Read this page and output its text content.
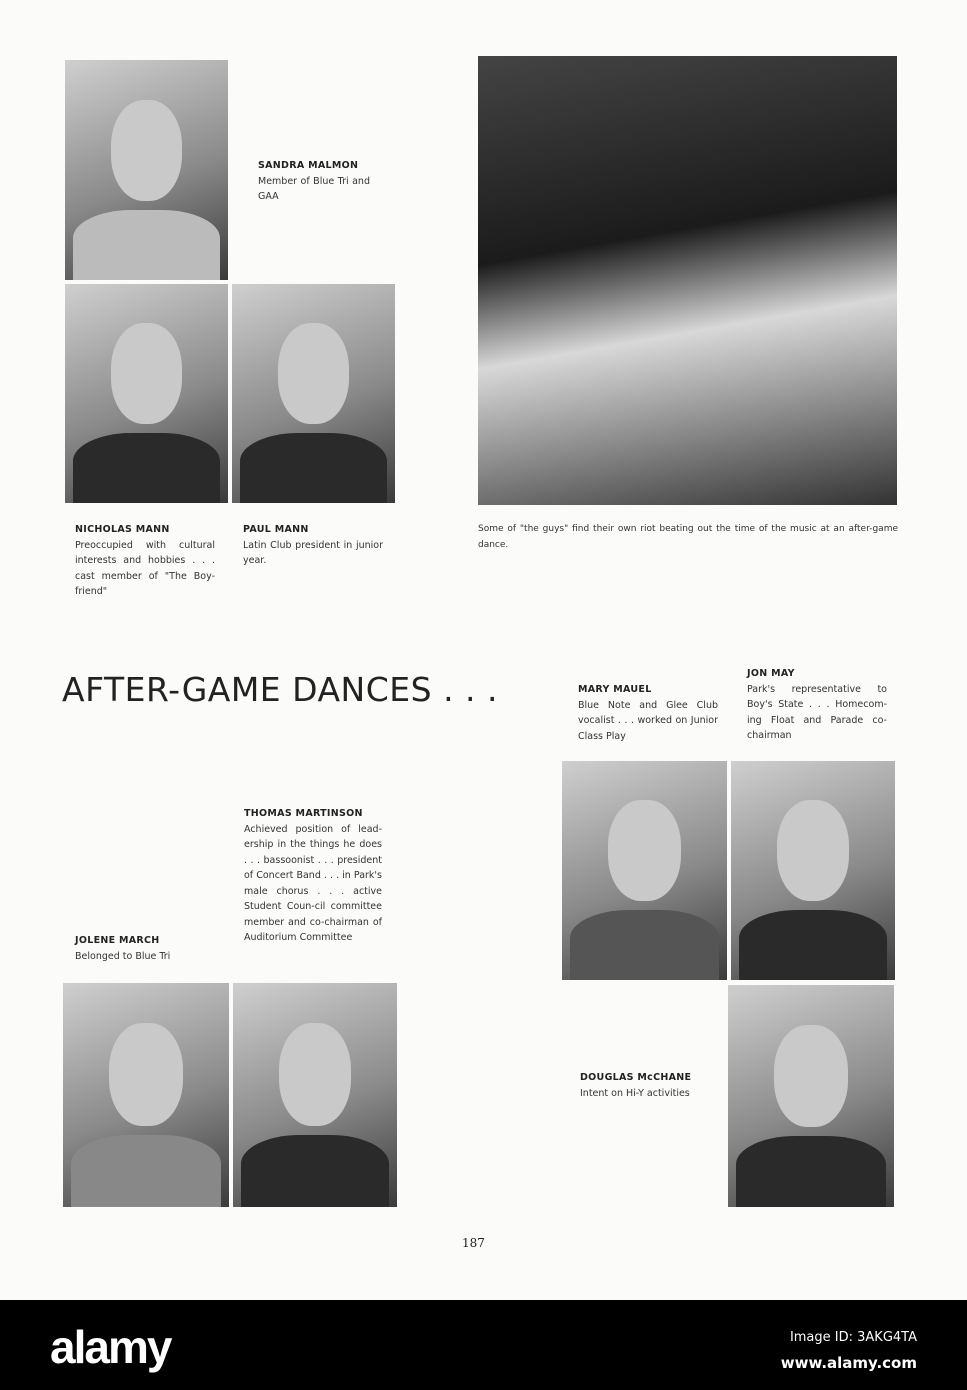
SANDRA MALMON
Member of Blue Tri and GAA
NICHOLAS MANN
Preoccupied with cultural interests and hobbies . . . cast member of "The Boy-friend"
PAUL MANN
Latin Club president in junior year.
Some of "the guys" find their own riot beating out the time of the music at an after-game dance.
AFTER-GAME DANCES . . .	MARY MAUEL
Blue Note and Glee Club vocalist . . . worked on Junior Class Play
JON MAY
Park's representative to Boy's State . . . Homecom-ing Float and Parade co-chairman
THOMAS MARTINSON
Achieved position of lead-ership in the things he does . . . bassoonist . . . president of Concert Band . . . in Park's male chorus . . . active Student Coun-cil committee member and co-chairman of Auditorium Committee
JOLENE MARCH
Belonged to Blue Tri
DOUGLAS McCHANE
Intent on Hi-Y activities
187
alamy	Image ID: 3AKG4TA
www.alamy.com
